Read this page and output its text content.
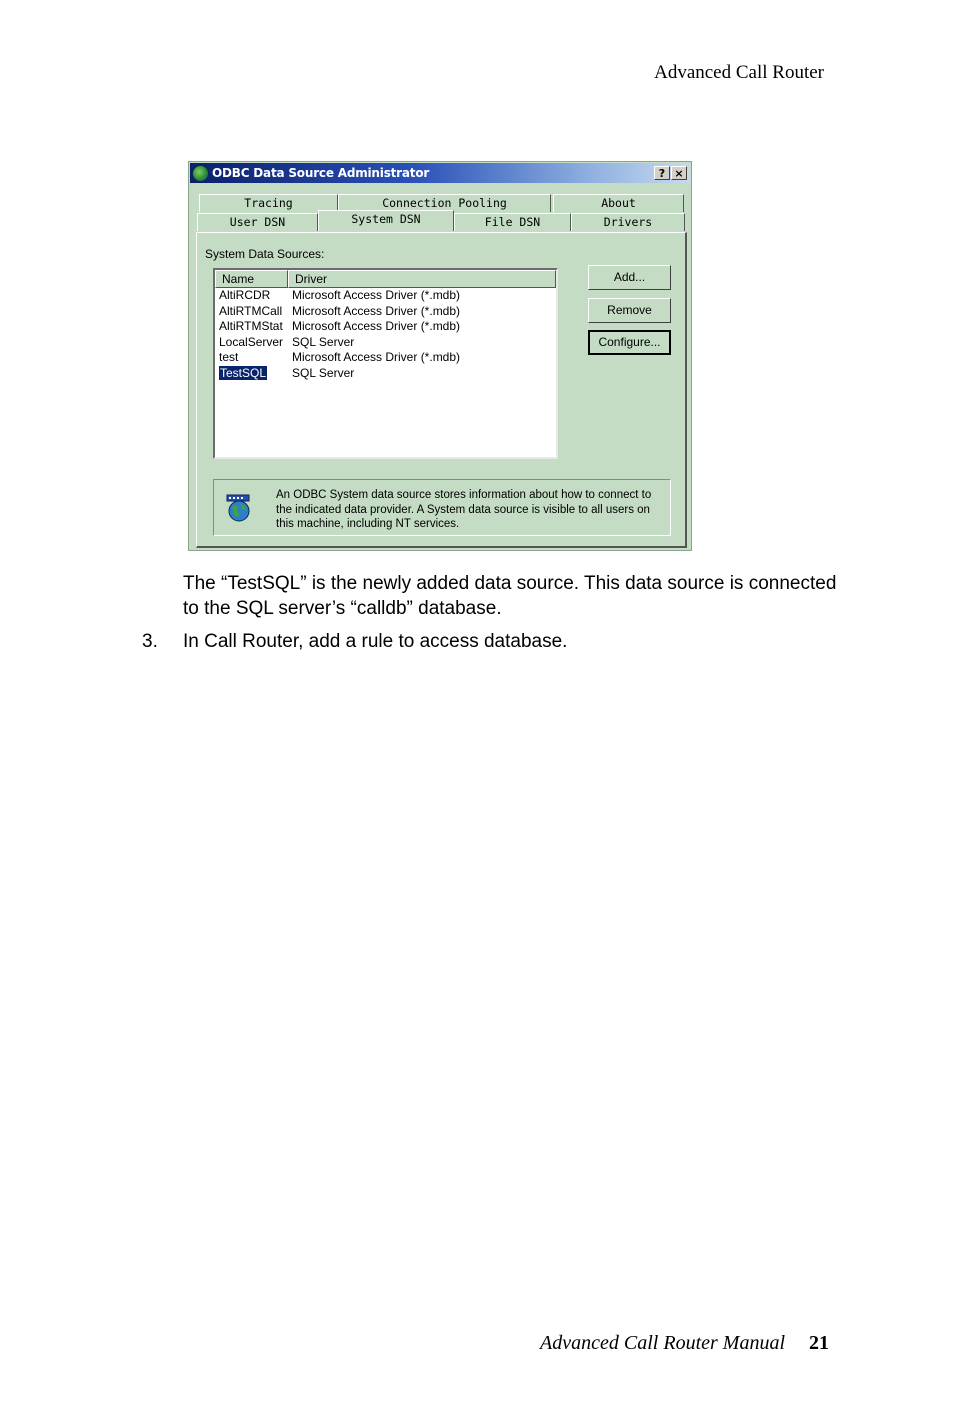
Advanced Call Router
ODBC Data Source Administrator	? ×
Tracing	Connection Pooling	About
User DSN	System DSN	File DSN	Drivers
System Data Sources:
Name	Driver
AltiRCDR	Microsoft Access Driver (*.mdb)
AltiRTMCall Microsoft Access Driver (*.mdb)
AltiRTMStat Microsoft Access Driver (*.mdb)
LocalServer SQL Server
test	Microsoft Access Driver (*.mdb)
TestSQL	SQL Server
Add...
Remove
Configure...
An ODBC System data source stores information about how to connect to the indicated data provider. A System data source is visible to all users on this machine, including NT services.
The “TestSQL” is the newly added data source. This data source is connected to the SQL server’s “calldb” database.
3. In Call Router, add a rule to access database.
Advanced Call Router Manual 21
